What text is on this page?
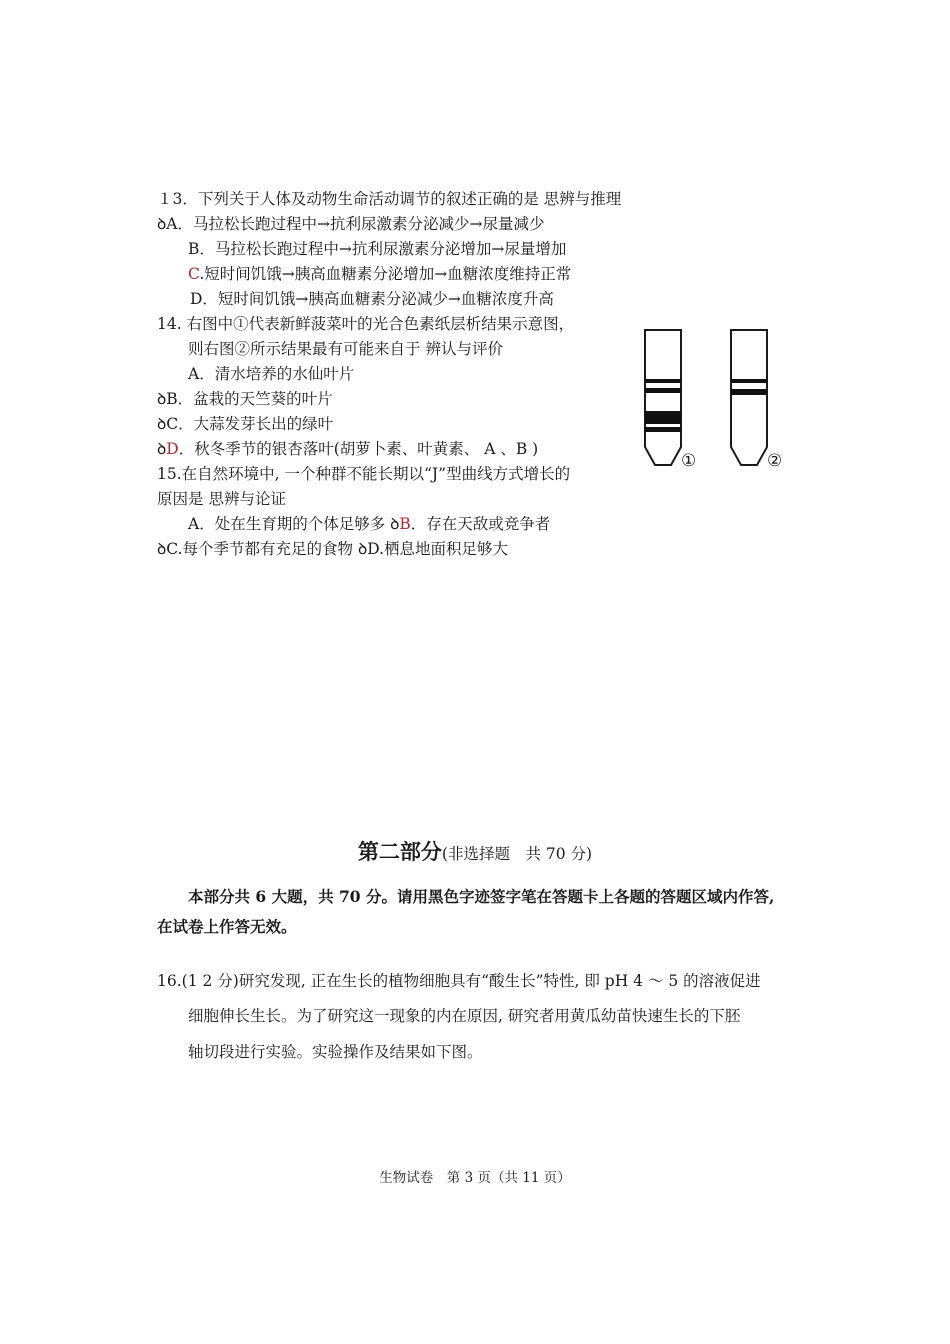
１3．下列关于人体及动物生命活动调节的叙述正确的是 思辨与推理
ꝺA．马拉松长跑过程中→抗利尿激素分泌减少→尿量减少
B．马拉松长跑过程中→抗利尿激素分泌增加→尿量增加
C.短时间饥饿→胰高血糖素分泌增加→血糖浓度维持正常
D．短时间饥饿→胰高血糖素分泌减少→血糖浓度升高
14. 右图中①代表新鲜菠菜叶的光合色素纸层析结果示意图，
则右图②所示结果最有可能来自于 辨认与评价
A．清水培养的水仙叶片
ꝺB．盆栽的天竺葵的叶片
ꝺC．大蒜发芽长出的绿叶
ꝺD．秋冬季节的银杏落叶(胡萝卜素、叶黄素、 A 、B )
①	②
15.在自然环境中, 一个种群不能长期以“J”型曲线方式增长的
原因是 思辨与论证
A．处在生育期的个体足够多 ꝺB．存在天敌或竞争者
ꝺC.每个季节都有充足的食物 ꝺD.栖息地面积足够大
第二部分(非选择题　共 70 分)
本部分共 6 大题，共 70 分。请用黑色字迹签字笔在答题卡上各题的答题区域内作答,
在试卷上作答无效。
16.(1 2 分)研究发现, 正在生长的植物细胞具有“酸生长”特性, 即 pH 4 ～ 5 的溶液促进
细胞伸长生长。为了研究这一现象的内在原因, 研究者用黄瓜幼苗快速生长的下胚
轴切段进行实验。实验操作及结果如下图。
生物试卷　第 3 页（共 11 页）
